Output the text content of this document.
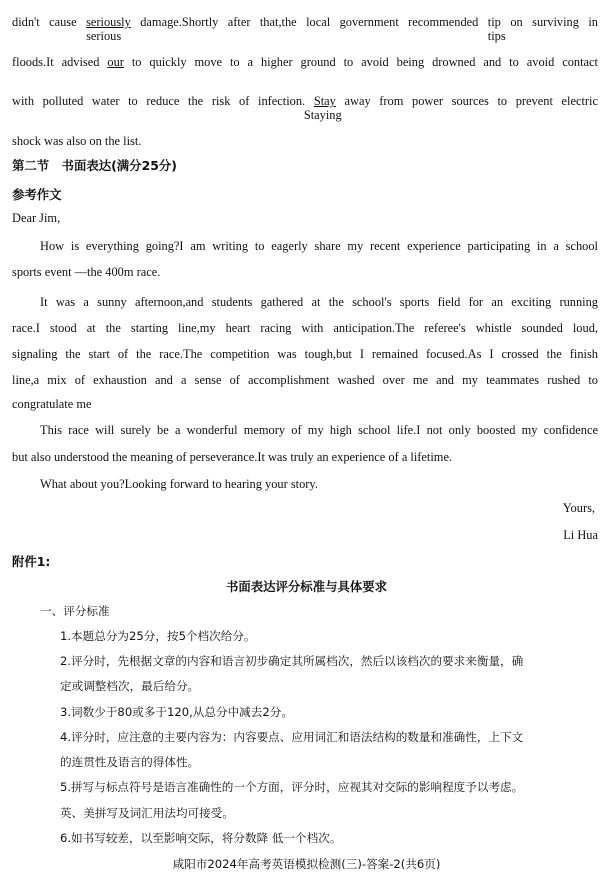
didn't cause seriously
serious
damage.Shortly after that,the local government recommended tip
tips
on surviving in
floods.It advised our to quickly move to a higher ground to avoid being drowned and to avoid contact
with polluted water to reduce the risk of infection. Stay
Staying
away from power sources to prevent electric
shock was also on the list.
第二节　书面表达(满分25分)
参考作文
Dear Jim,
How is everything going?I am writing to eagerly share my recent experience participating in a school
sports event —the 400m race.
It was a sunny afternoon,and students gathered at the school's sports field for an exciting running
race.I stood at the starting line,my heart racing with anticipation.The referee's whistle sounded loud,
signaling the start of the race.The competition was tough,but I remained focused.As I crossed the finish
line,a mix of exhaustion and a sense of accomplishment washed over me and my teammates rushed to
congratulate me
This race will surely be a wonderful memory of my high school life.I not only boosted my confidence
but also understood the meaning of perseverance.It was truly an experience of a lifetime.
What about you?Looking forward to hearing your story.
Yours,
Li Hua
附件1:
书面表达评分标准与具体要求
一、评分标准
1.本题总分为25分，按5个档次给分。
2.评分时，先根据文章的内容和语言初步确定其所属档次，然后以该档次的要求来衡量，确
定或调整档次，最后给分。
3.词数少于80或多于120,从总分中减去2分。
4.评分时，应注意的主要内容为：内容要点、应用词汇和语法结构的数量和准确性，上下文
的连贯性及语言的得体性。
5.拼写与标点符号是语言准确性的一个方面，评分时，应视其对交际的影响程度予以考虑。
英、美拼写及词汇用法均可接受。
6.如书写较差，以至影响交际，将分数降 低一个档次。
咸阳市2024年高考英语模拟检测(三)-答案-2(共6页)
